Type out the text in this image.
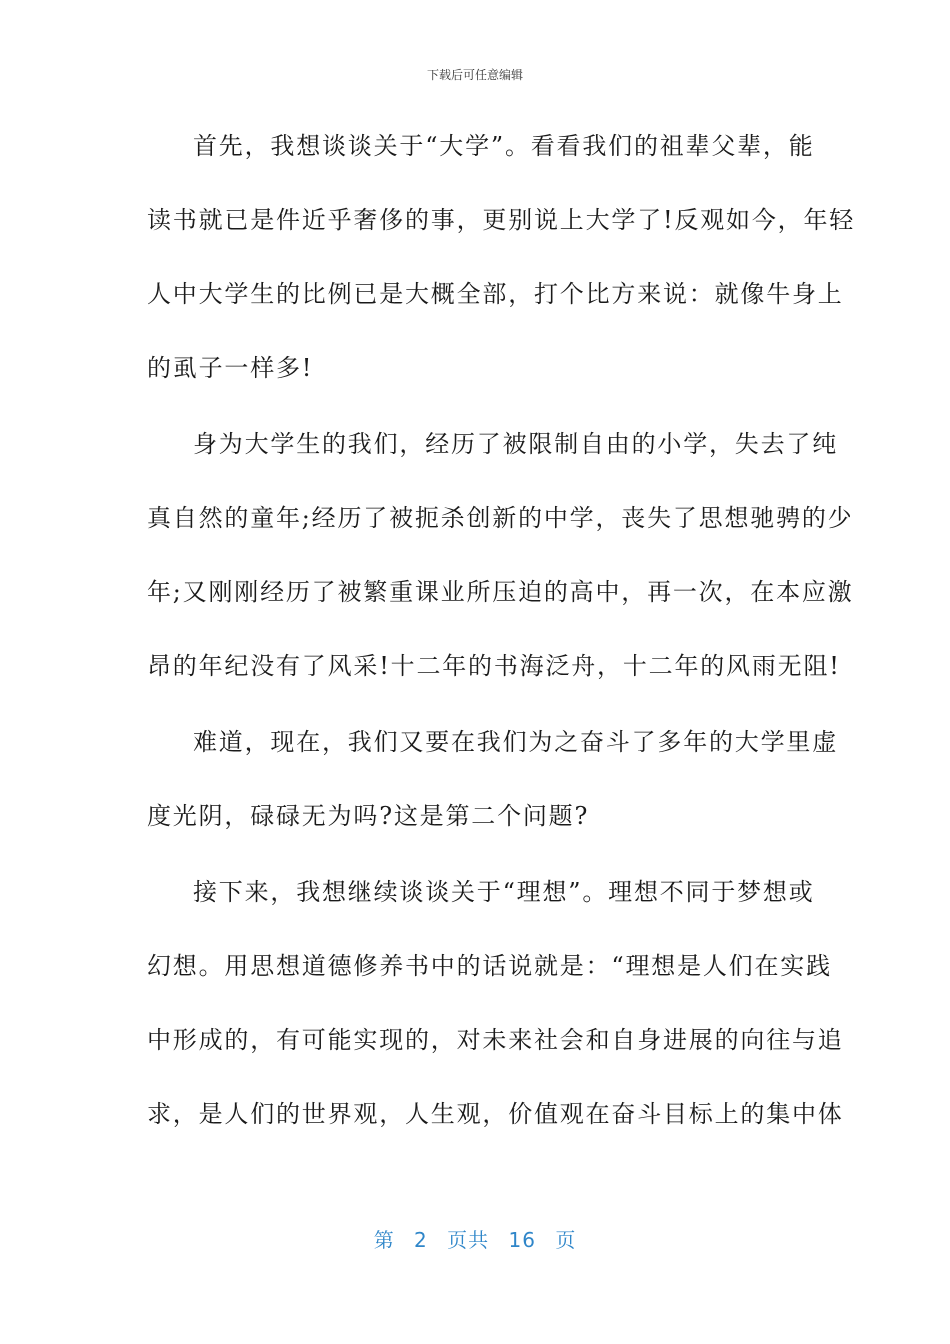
下载后可任意编辑
首先，我想谈谈关于“大学”。看看我们的祖辈父辈，能
读书就已是件近乎奢侈的事，更别说上大学了!反观如今，年轻
人中大学生的比例已是大概全部，打个比方来说：就像牛身上
的虱子一样多!
身为大学生的我们，经历了被限制自由的小学，失去了纯
真自然的童年;经历了被扼杀创新的中学，丧失了思想驰骋的少
年;又刚刚经历了被繁重课业所压迫的高中，再一次，在本应激
昂的年纪没有了风采!十二年的书海泛舟，十二年的风雨无阻!
难道，现在，我们又要在我们为之奋斗了多年的大学里虚
度光阴，碌碌无为吗?这是第二个问题?
接下来，我想继续谈谈关于“理想”。理想不同于梦想或
幻想。用思想道德修养书中的话说就是：“理想是人们在实践
中形成的，有可能实现的，对未来社会和自身进展的向往与追
求，是人们的世界观，人生观，价值观在奋斗目标上的集中体
第 2 页共 16 页
